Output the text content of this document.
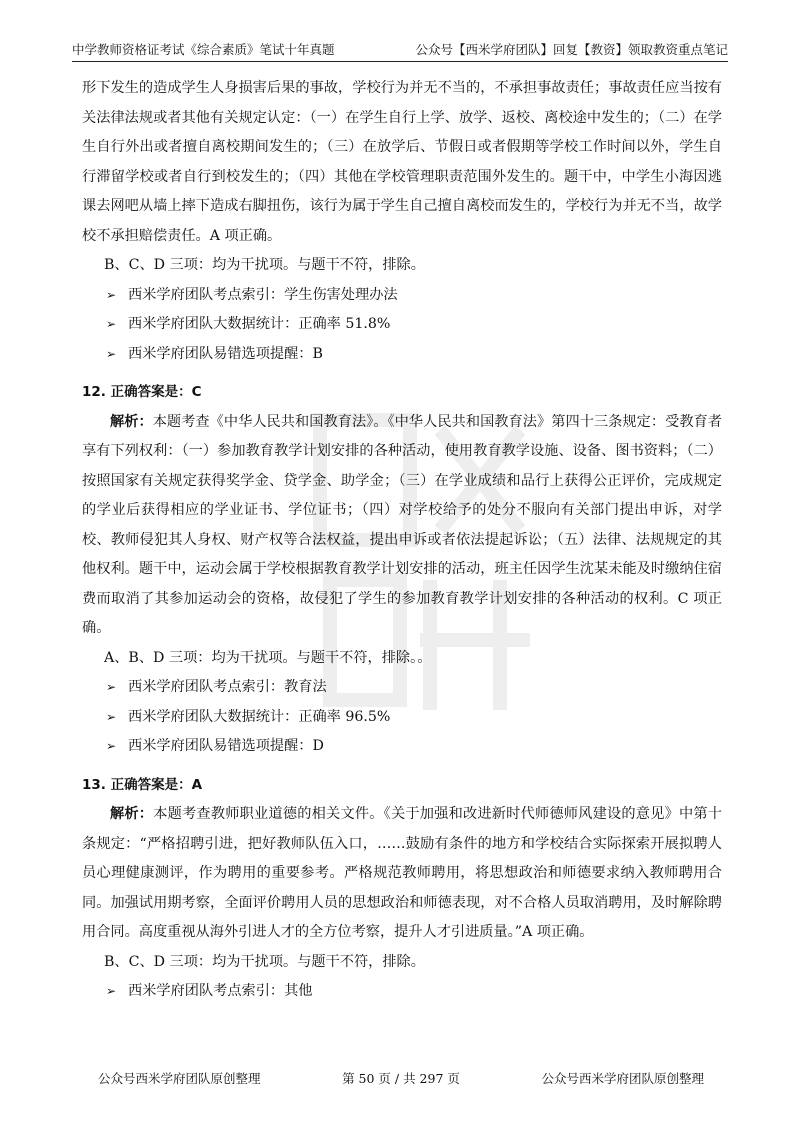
中学教师资格证考试《综合素质》笔试十年真题	公众号【西米学府团队】回复【教资】领取教资重点笔记

形下发生的造成学生人身损害后果的事故，学校行为并无不当的，不承担事故责任；事故责任应当按有关法律法规或者其他有关规定认定：（一）在学生自行上学、放学、返校、离校途中发生的；（二）在学生自行外出或者擅自离校期间发生的；（三）在放学后、节假日或者假期等学校工作时间以外，学生自行滞留学校或者自行到校发生的；（四）其他在学校管理职责范围外发生的。题干中，中学生小海因逃课去网吧从墙上摔下造成右脚扭伤，该行为属于学生自己擅自离校而发生的，学校行为并无不当，故学校不承担赔偿责任。A 项正确。

B、C、D 三项：均为干扰项。与题干不符，排除。

➢ 西米学府团队考点索引：学生伤害处理办法

➢ 西米学府团队大数据统计：正确率 51.8%

➢ 西米学府团队易错选项提醒：B

12. 正确答案是：C

解析：本题考查《中华人民共和国教育法》。《中华人民共和国教育法》第四十三条规定：受教育者享有下列权利：（一）参加教育教学计划安排的各种活动，使用教育教学设施、设备、图书资料；（二）按照国家有关规定获得奖学金、贷学金、助学金；（三）在学业成绩和品行上获得公正评价，完成规定的学业后获得相应的学业证书、学位证书；（四）对学校给予的处分不服向有关部门提出申诉，对学校、教师侵犯其人身权、财产权等合法权益，提出申诉或者依法提起诉讼；（五）法律、法规规定的其他权利。题干中，运动会属于学校根据教育教学计划安排的活动，班主任因学生沈某未能及时缴纳住宿费而取消了其参加运动会的资格，故侵犯了学生的参加教育教学计划安排的各种活动的权利。C 项正确。

A、B、D 三项：均为干扰项。与题干不符，排除。。

➢ 西米学府团队考点索引：教育法

➢ 西米学府团队大数据统计：正确率 96.5%

➢ 西米学府团队易错选项提醒：D

13. 正确答案是：A

解析：本题考查教师职业道德的相关文件。《关于加强和改进新时代师德师风建设的意见》中第十条规定：“严格招聘引进，把好教师队伍入口，……鼓励有条件的地方和学校结合实际探索开展拟聘人员心理健康测评，作为聘用的重要参考。严格规范教师聘用，将思想政治和师德要求纳入教师聘用合同。加强试用期考察，全面评价聘用人员的思想政治和师德表现，对不合格人员取消聘用，及时解除聘用合同。高度重视从海外引进人才的全方位考察，提升人才引进质量。”A 项正确。

B、C、D 三项：均为干扰项。与题干不符，排除。

➢ 西米学府团队考点索引：其他

公众号西米学府团队原创整理	第 50 页 / 共 297 页	公众号西米学府团队原创整理
